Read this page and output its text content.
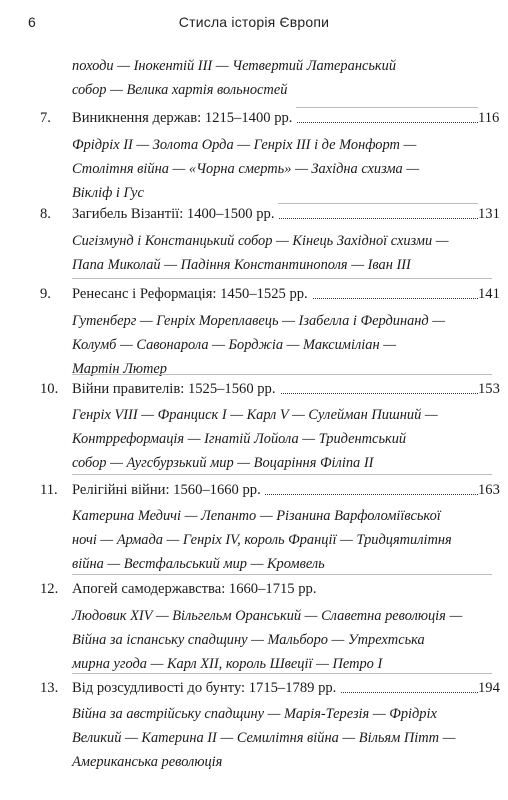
6	Стисла історія Європи
походи — Інокентій ІІІ — Четвертий Латеранський
собор — Велика хартія вольностей
7. Виникнення держав: 1215–1400 рр.	116
Фрідріх ІІ — Золота Орда — Генріх ІІІ і де Монфорт —
Столітня війна — «Чорна смерть» — Західна схизма —
Вікліф і Гус
8. Загибель Візантії: 1400–1500 рр.	131
Сигізмунд і Констанцький собор — Кінець Західної схизми —
Папа Миколай — Падіння Константинополя — Іван ІІІ
9. Ренесанс і Реформація: 1450–1525 рр.	141
Гутенберг — Генріх Мореплавець — Ізабелла і Фердинанд —
Колумб — Савонарола — Борджіа — Максиміліан —
Мартін Лютер
10. Війни правителів: 1525–1560 рр.	153
Генріх VIII — Франциск І — Карл V — Сулейман Пишний —
Контрреформація — Ігнатій Лойола — Тридентський
собор — Аугсбурзький мир — Воцаріння Філіпа ІІ
11. Релігійні війни: 1560–1660 рр.	163
Катерина Медичі — Лепанто — Різанина Варфоломіївської
ночі — Армада — Генріх IV, король Франції — Тридцятилітня
війна — Вестфальський мир — Кромвель
12. Апогей самодержавства: 1660–1715 рр.
Людовик XIV — Вільгельм Оранський — Славетна революція —
Війна за іспанську спадщину — Мальборо — Утрехтська
мирна угода — Карл XII, король Швеції — Петро І
13. Від розсудливості до бунту: 1715–1789 рр.	194
Війна за австрійську спадщину — Марія-Терезія — Фрідріх
Великий — Катерина ІІ — Семилітня війна — Вільям Пітт —
Американська революція
